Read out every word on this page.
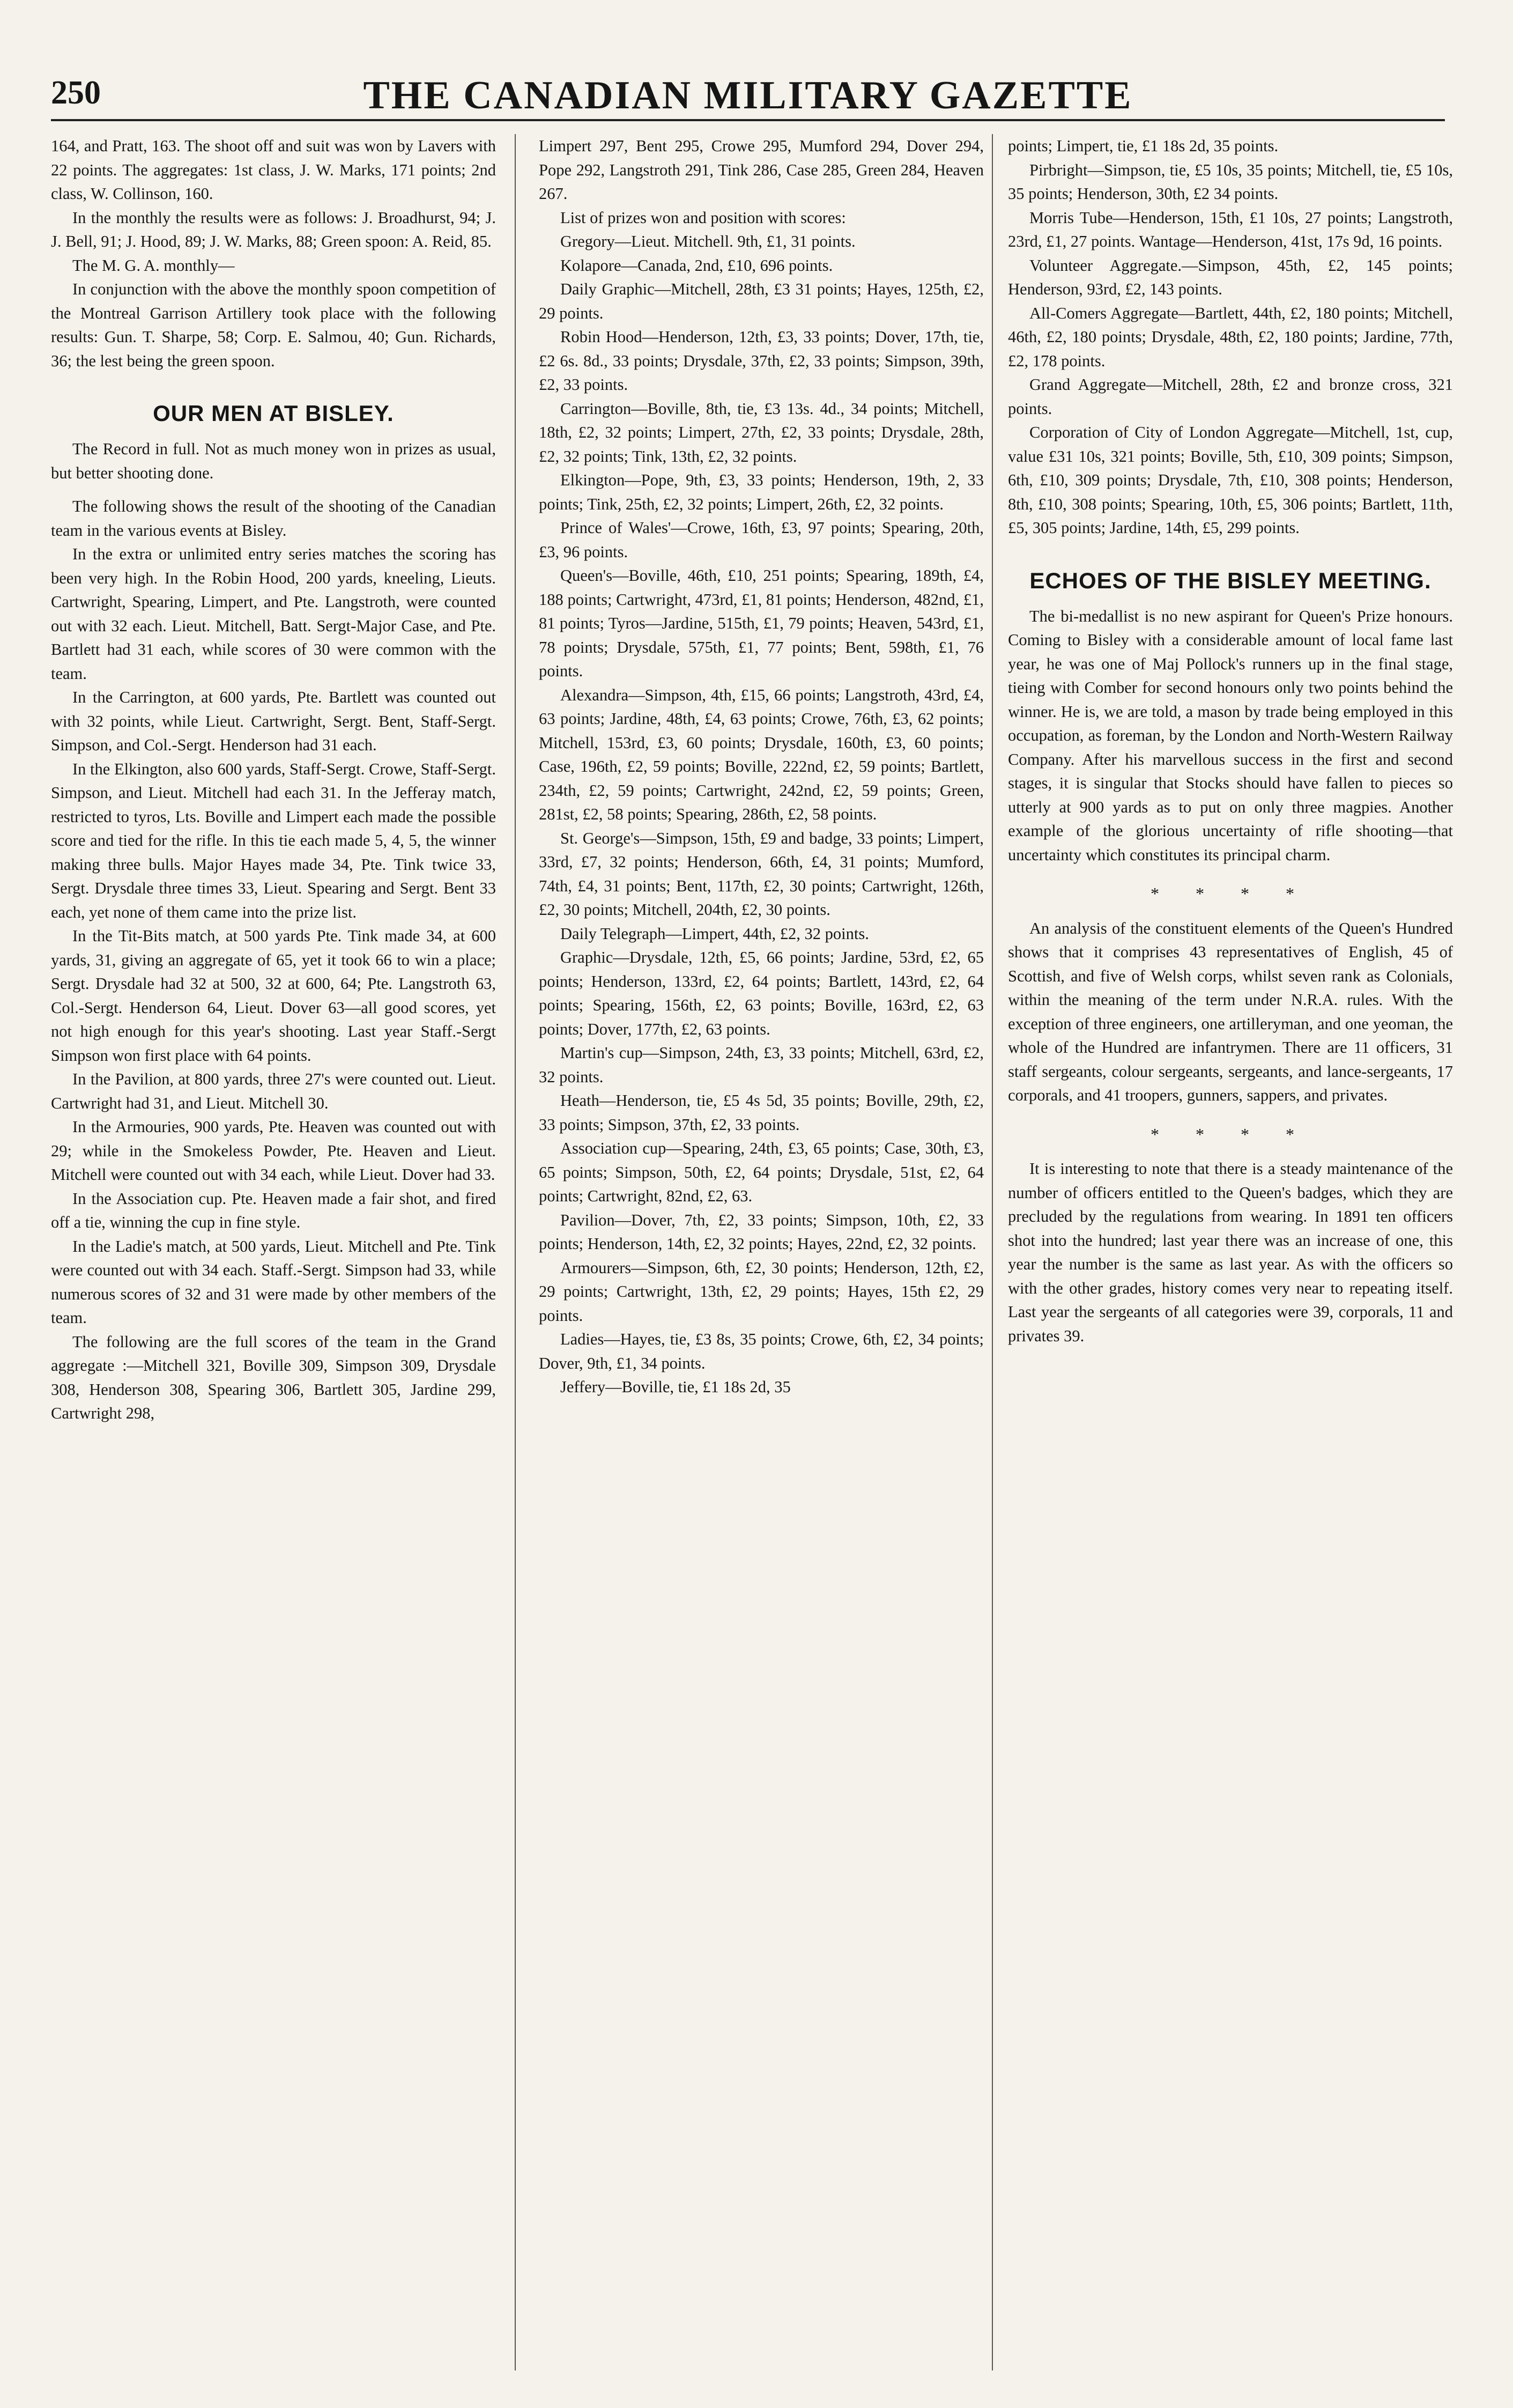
250	THE CANADIAN MILITARY GAZETTE

164, and Pratt, 163. The shoot off and suit was won by Lavers with 22 points. The aggregates: 1st class, J. W. Marks, 171 points; 2nd class, W. Collinson, 160.

In the monthly the results were as follows: J. Broadhurst, 94; J. J. Bell, 91; J. Hood, 89; J. W. Marks, 88; Green spoon: A. Reid, 85.

The M. G. A. monthly—

In conjunction with the above the monthly spoon competition of the Montreal Garrison Artillery took place with the following results: Gun. T. Sharpe, 58; Corp. E. Salmou, 40; Gun. Richards, 36; the lest being the green spoon.

OUR MEN AT BISLEY.

The Record in full. Not as much money won in prizes as usual, but better shooting done.

The following shows the result of the shooting of the Canadian team in the various events at Bisley.

In the extra or unlimited entry series matches the scoring has been very high. In the Robin Hood, 200 yards, kneeling, Lieuts. Cartwright, Spearing, Limpert, and Pte. Langstroth, were counted out with 32 each. Lieut. Mitchell, Batt. Sergt-Major Case, and Pte. Bartlett had 31 each, while scores of 30 were common with the team.

In the Carrington, at 600 yards, Pte. Bartlett was counted out with 32 points, while Lieut. Cartwright, Sergt. Bent, Staff-Sergt. Simpson, and Col.-Sergt. Henderson had 31 each.

In the Elkington, also 600 yards, Staff-Sergt. Crowe, Staff-Sergt. Simpson, and Lieut. Mitchell had each 31. In the Jefferay match, restricted to tyros, Lts. Boville and Limpert each made the possible score and tied for the rifle. In this tie each made 5, 4, 5, the winner making three bulls. Major Hayes made 34, Pte. Tink twice 33, Sergt. Drysdale three times 33, Lieut. Spearing and Sergt. Bent 33 each, yet none of them came into the prize list.

In the Tit-Bits match, at 500 yards Pte. Tink made 34, at 600 yards, 31, giving an aggregate of 65, yet it took 66 to win a place; Sergt. Drysdale had 32 at 500, 32 at 600, 64; Pte. Langstroth 63, Col.-Sergt. Henderson 64, Lieut. Dover 63—all good scores, yet not high enough for this year's shooting. Last year Staff.-Sergt Simpson won first place with 64 points.

In the Pavilion, at 800 yards, three 27's were counted out. Lieut. Cartwright had 31, and Lieut. Mitchell 30.

In the Armouries, 900 yards, Pte. Heaven was counted out with 29; while in the Smokeless Powder, Pte. Heaven and Lieut. Mitchell were counted out with 34 each, while Lieut. Dover had 33.

In the Association cup. Pte. Heaven made a fair shot, and fired off a tie, winning the cup in fine style.

In the Ladie's match, at 500 yards, Lieut. Mitchell and Pte. Tink were counted out with 34 each. Staff.-Sergt. Simpson had 33, while numerous scores of 32 and 31 were made by other members of the team.

The following are the full scores of the team in the Grand aggregate :—Mitchell 321, Boville 309, Simpson 309, Drysdale 308, Henderson 308, Spearing 306, Bartlett 305, Jardine 299, Cartwright 298,

Limpert 297, Bent 295, Crowe 295, Mumford 294, Dover 294, Pope 292, Langstroth 291, Tink 286, Case 285, Green 284, Heaven 267.

List of prizes won and position with scores:

Gregory—Lieut. Mitchell. 9th, £1, 31 points.

Kolapore—Canada, 2nd, £10, 696 points.

Daily Graphic—Mitchell, 28th, £3 31 points; Hayes, 125th, £2, 29 points.

Robin Hood—Henderson, 12th, £3, 33 points; Dover, 17th, tie, £2 6s. 8d., 33 points; Drysdale, 37th, £2, 33 points; Simpson, 39th, £2, 33 points.

Carrington—Boville, 8th, tie, £3 13s. 4d., 34 points; Mitchell, 18th, £2, 32 points; Limpert, 27th, £2, 33 points; Drysdale, 28th, £2, 32 points; Tink, 13th, £2, 32 points.

Elkington—Pope, 9th, £3, 33 points; Henderson, 19th, 2, 33 points; Tink, 25th, £2, 32 points; Limpert, 26th, £2, 32 points.

Prince of Wales'—Crowe, 16th, £3, 97 points; Spearing, 20th, £3, 96 points.

Queen's—Boville, 46th, £10, 251 points; Spearing, 189th, £4, 188 points; Cartwright, 473rd, £1, 81 points; Henderson, 482nd, £1, 81 points; Tyros—Jardine, 515th, £1, 79 points; Heaven, 543rd, £1, 78 points; Drysdale, 575th, £1, 77 points; Bent, 598th, £1, 76 points.

Alexandra—Simpson, 4th, £15, 66 points; Langstroth, 43rd, £4, 63 points; Jardine, 48th, £4, 63 points; Crowe, 76th, £3, 62 points; Mitchell, 153rd, £3, 60 points; Drysdale, 160th, £3, 60 points; Case, 196th, £2, 59 points; Boville, 222nd, £2, 59 points; Bartlett, 234th, £2, 59 points; Cartwright, 242nd, £2, 59 points; Green, 281st, £2, 58 points; Spearing, 286th, £2, 58 points.

St. George's—Simpson, 15th, £9 and badge, 33 points; Limpert, 33rd, £7, 32 points; Henderson, 66th, £4, 31 points; Mumford, 74th, £4, 31 points; Bent, 117th, £2, 30 points; Cartwright, 126th, £2, 30 points; Mitchell, 204th, £2, 30 points.

Daily Telegraph—Limpert, 44th, £2, 32 points.

Graphic—Drysdale, 12th, £5, 66 points; Jardine, 53rd, £2, 65 points; Henderson, 133rd, £2, 64 points; Bartlett, 143rd, £2, 64 points; Spearing, 156th, £2, 63 points; Boville, 163rd, £2, 63 points; Dover, 177th, £2, 63 points.

Martin's cup—Simpson, 24th, £3, 33 points; Mitchell, 63rd, £2, 32 points.

Heath—Henderson, tie, £5 4s 5d, 35 points; Boville, 29th, £2, 33 points; Simpson, 37th, £2, 33 points.

Association cup—Spearing, 24th, £3, 65 points; Case, 30th, £3, 65 points; Simpson, 50th, £2, 64 points; Drysdale, 51st, £2, 64 points; Cartwright, 82nd, £2, 63.

Pavilion—Dover, 7th, £2, 33 points; Simpson, 10th, £2, 33 points; Henderson, 14th, £2, 32 points; Hayes, 22nd, £2, 32 points.

Armourers—Simpson, 6th, £2, 30 points; Henderson, 12th, £2, 29 points; Cartwright, 13th, £2, 29 points; Hayes, 15th £2, 29 points.

Ladies—Hayes, tie, £3 8s, 35 points; Crowe, 6th, £2, 34 points; Dover, 9th, £1, 34 points.

Jeffery—Boville, tie, £1 18s 2d, 35

points; Limpert, tie, £1 18s 2d, 35 points.

Pirbright—Simpson, tie, £5 10s, 35 points; Mitchell, tie, £5 10s, 35 points; Henderson, 30th, £2 34 points.

Morris Tube—Henderson, 15th, £1 10s, 27 points; Langstroth, 23rd, £1, 27 points. Wantage—Henderson, 41st, 17s 9d, 16 points.

Volunteer Aggregate.—Simpson, 45th, £2, 145 points; Henderson, 93rd, £2, 143 points.

All-Comers Aggregate—Bartlett, 44th, £2, 180 points; Mitchell, 46th, £2, 180 points; Drysdale, 48th, £2, 180 points; Jardine, 77th, £2, 178 points.

Grand Aggregate—Mitchell, 28th, £2 and bronze cross, 321 points.

Corporation of City of London Aggregate—Mitchell, 1st, cup, value £31 10s, 321 points; Boville, 5th, £10, 309 points; Simpson, 6th, £10, 309 points; Drysdale, 7th, £10, 308 points; Henderson, 8th, £10, 308 points; Spearing, 10th, £5, 306 points; Bartlett, 11th, £5, 305 points; Jardine, 14th, £5, 299 points.

ECHOES OF THE BISLEY MEETING.

The bi-medallist is no new aspirant for Queen's Prize honours. Coming to Bisley with a considerable amount of local fame last year, he was one of Maj Pollock's runners up in the final stage, tieing with Comber for second honours only two points behind the winner. He is, we are told, a mason by trade being employed in this occupation, as foreman, by the London and North-Western Railway Company. After his marvellous success in the first and second stages, it is singular that Stocks should have fallen to pieces so utterly at 900 yards as to put on only three magpies. Another example of the glorious uncertainty of rifle shooting—that uncertainty which constitutes its principal charm.

* * * *

An analysis of the constituent elements of the Queen's Hundred shows that it comprises 43 representatives of English, 45 of Scottish, and five of Welsh corps, whilst seven rank as Colonials, within the meaning of the term under N.R.A. rules. With the exception of three engineers, one artilleryman, and one yeoman, the whole of the Hundred are infantrymen. There are 11 officers, 31 staff sergeants, colour sergeants, sergeants, and lance-sergeants, 17 corporals, and 41 troopers, gunners, sappers, and privates.

* * * *

It is interesting to note that there is a steady maintenance of the number of officers entitled to the Queen's badges, which they are precluded by the regulations from wearing. In 1891 ten officers shot into the hundred; last year there was an increase of one, this year the number is the same as last year. As with the officers so with the other grades, history comes very near to repeating itself. Last year the sergeants of all categories were 39, corporals, 11 and privates 39.
